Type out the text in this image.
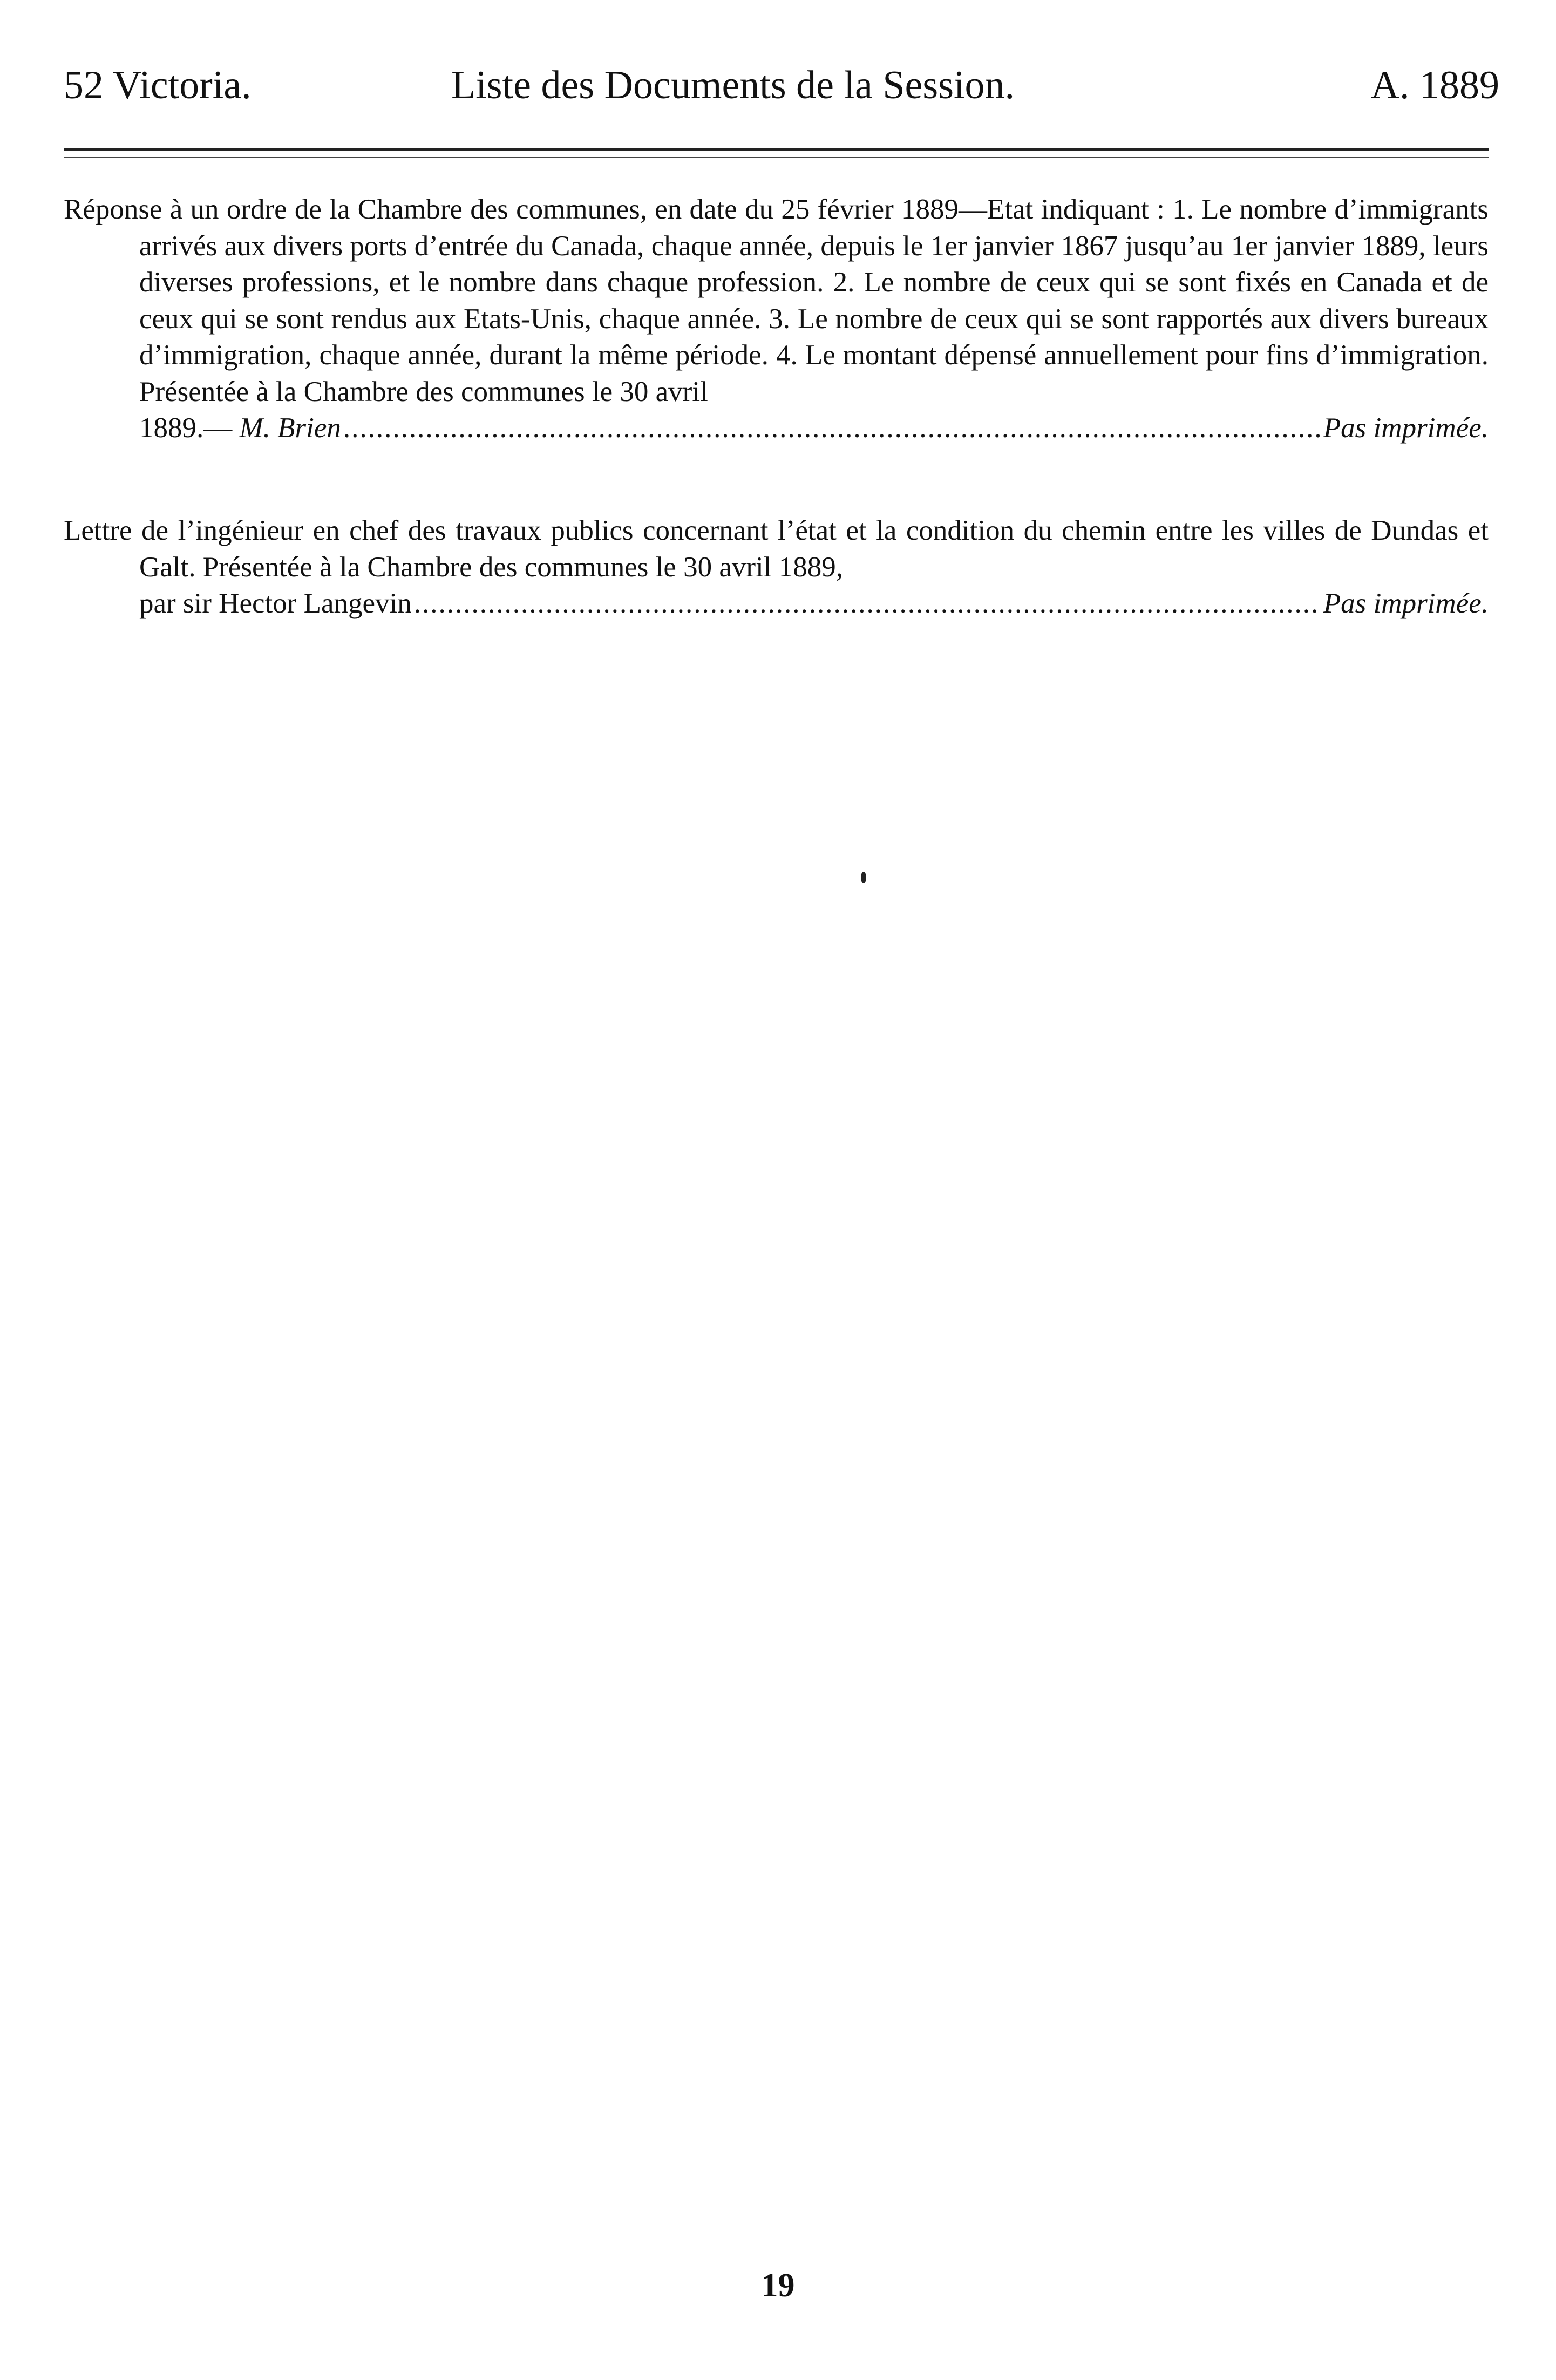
52 Victoria.	Liste des Documents de la Session.	A. 1889
Réponse à un ordre de la Chambre des communes, en date du 25 février 1889—Etat indiquant : 1. Le nombre d’immigrants arrivés aux divers ports d’entrée du Canada, chaque année, depuis le 1er janvier 1867 jusqu’au 1er janvier 1889, leurs diverses professions, et le nombre dans chaque profession. 2. Le nombre de ceux qui se sont fixés en Canada et de ceux qui se sont rendus aux Etats-Unis, chaque année. 3. Le nombre de ceux qui se sont rapportés aux divers bureaux d’immigration, chaque année, durant la même période. 4. Le montant dépensé annuellement pour fins d’immigration. Présentée à la Chambre des communes le 30 avril
1889.— M. Brien .....	Pas imprimée.
Lettre de l’ingénieur en chef des travaux publics concernant l’état et la condition du chemin entre les villes de Dundas et Galt. Présentée à la Chambre des communes le 30 avril 1889,
par sir Hector Langevin .....	Pas imprimée.
19
